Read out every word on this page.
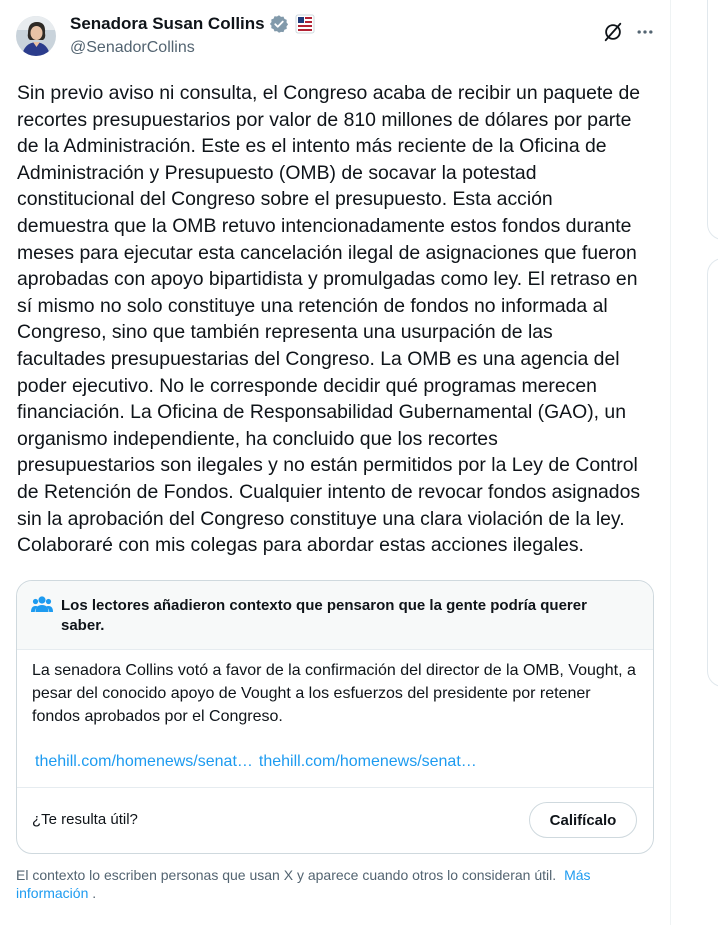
Senadora Susan Collins
@SenadorCollins

Sin previo aviso ni consulta, el Congreso acaba de recibir un paquete de
recortes presupuestarios por valor de 810 millones de dólares por parte
de la Administración. Este es el intento más reciente de la Oficina de
Administración y Presupuesto (OMB) de socavar la potestad
constitucional del Congreso sobre el presupuesto. Esta acción
demuestra que la OMB retuvo intencionadamente estos fondos durante
meses para ejecutar esta cancelación ilegal de asignaciones que fueron
aprobadas con apoyo bipartidista y promulgadas como ley. El retraso en
sí mismo no solo constituye una retención de fondos no informada al
Congreso, sino que también representa una usurpación de las
facultades presupuestarias del Congreso. La OMB es una agencia del
poder ejecutivo. No le corresponde decidir qué programas merecen
financiación. La Oficina de Responsabilidad Gubernamental (GAO), un
organismo independiente, ha concluido que los recortes
presupuestarios son ilegales y no están permitidos por la Ley de Control
de Retención de Fondos. Cualquier intento de revocar fondos asignados
sin la aprobación del Congreso constituye una clara violación de la ley.
Colaboraré con mis colegas para abordar estas acciones ilegales.

Los lectores añadieron contexto que pensaron que la gente podría querer saber.
La senadora Collins votó a favor de la confirmación del director de la OMB, Vought, a pesar del conocido apoyo de Vought a los esfuerzos del presidente por retener fondos aprobados por el Congreso.
thehill.com/homenews/senat… thehill.com/homenews/senat…
¿Te resulta útil?	Califícalo
El contexto lo escriben personas que usan X y aparece cuando otros lo consideran útil. Más información .
